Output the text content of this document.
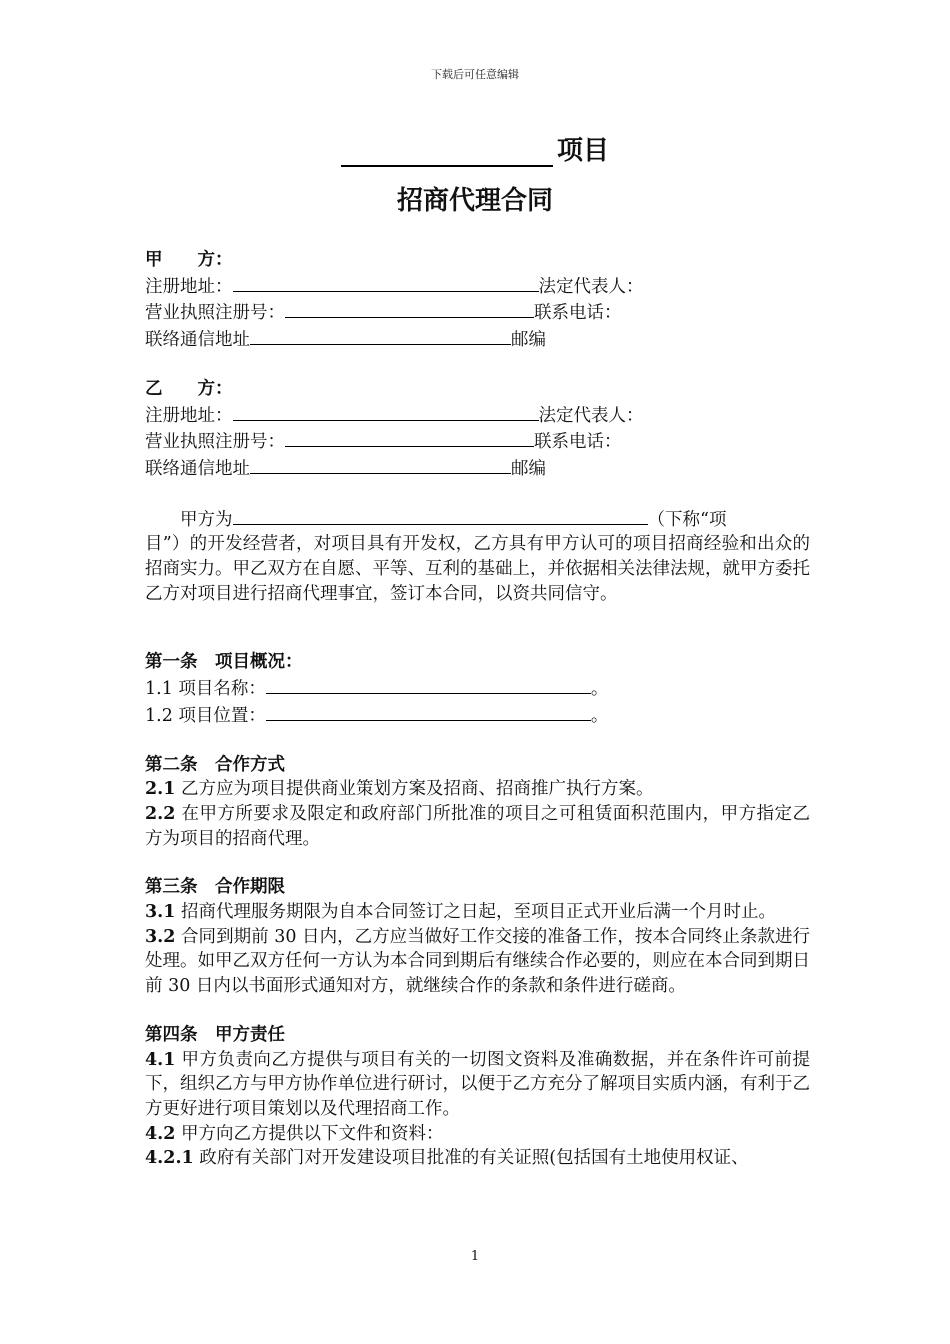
下载后可任意编辑
项目
招商代理合同
甲　　方：
注册地址：	法定代表人：
营业执照注册号：	联系电话：
联络通信地址	邮编
乙　　方：
注册地址：	法定代表人：
营业执照注册号：	联系电话：
联络通信地址	邮编
甲方为	（下称“项
目”）的开发经营者，对项目具有开发权，乙方具有甲方认可的项目招商经验和出众的招商实力。甲乙双方在自愿、平等、互利的基础上，并依据相关法律法规，就甲方委托乙方对项目进行招商代理事宜，签订本合同，以资共同信守。
第一条　项目概况：
1.1 项目名称：	。
1.2 项目位置：	。
第二条　合作方式
2.1 乙方应为项目提供商业策划方案及招商、招商推广执行方案。
2.2 在甲方所要求及限定和政府部门所批准的项目之可租赁面积范围内，甲方指定乙方为项目的招商代理。
第三条　合作期限
3.1 招商代理服务期限为自本合同签订之日起，至项目正式开业后满一个月时止。
3.2 合同到期前 30 日内，乙方应当做好工作交接的准备工作，按本合同终止条款进行处理。如甲乙双方任何一方认为本合同到期后有继续合作必要的，则应在本合同到期日前 30 日内以书面形式通知对方，就继续合作的条款和条件进行磋商。
第四条　甲方责任
4.1 甲方负责向乙方提供与项目有关的一切图文资料及准确数据，并在条件许可前提下，组织乙方与甲方协作单位进行研讨，以便于乙方充分了解项目实质内涵，有利于乙方更好进行项目策划以及代理招商工作。
4.2 甲方向乙方提供以下文件和资料：
4.2.1 政府有关部门对开发建设项目批准的有关证照(包括国有土地使用权证、
1
